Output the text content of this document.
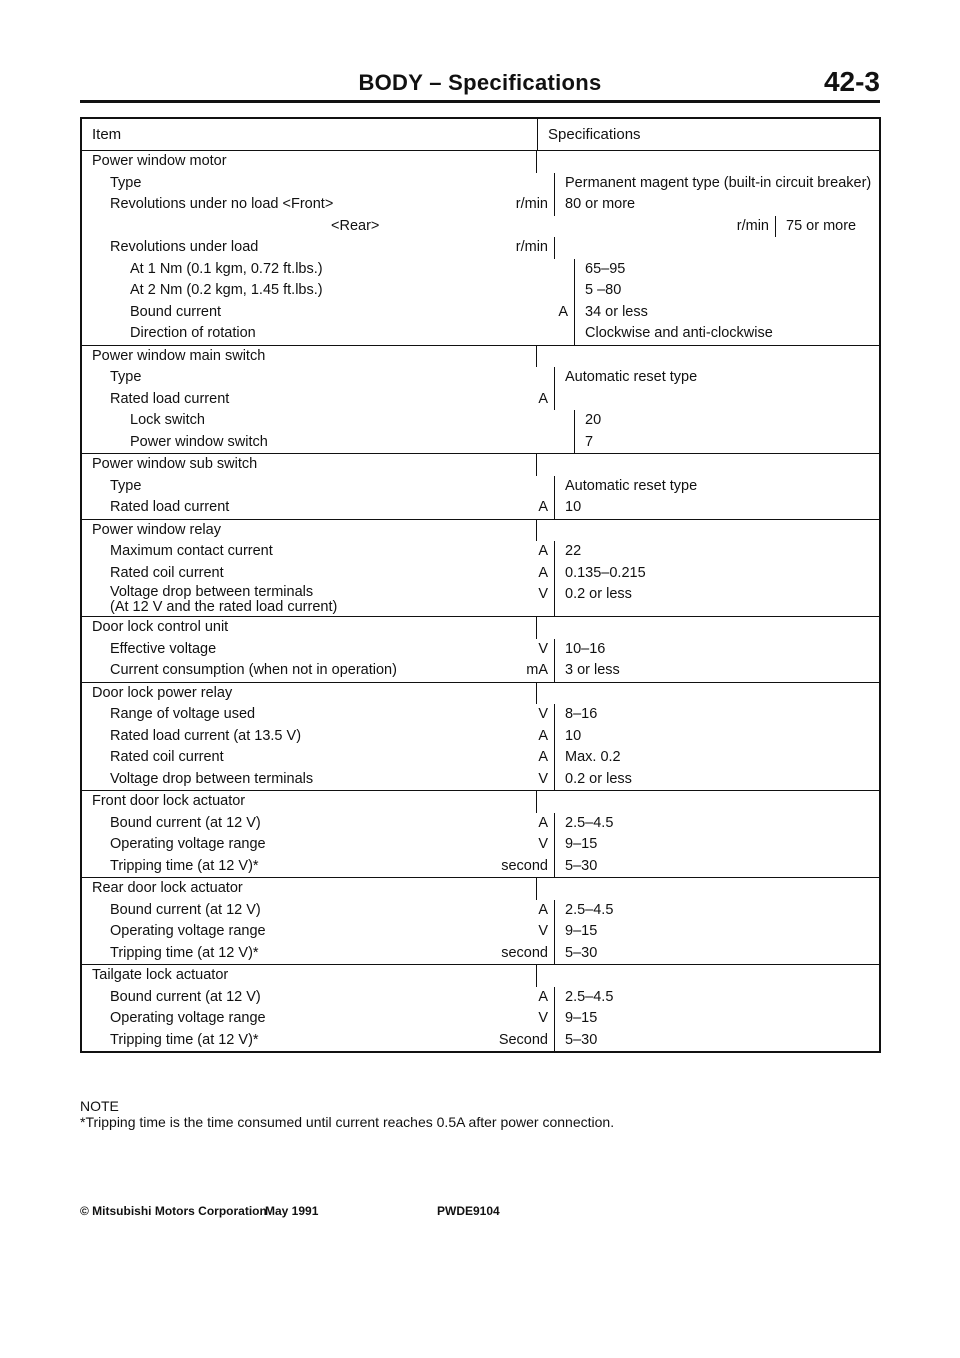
BODY – Specifications	42-3
Item	Specifications
Power window motor
Type	Permanent magent type (built-in circuit breaker)
Revolutions under no load <Front>	r/min	80 or more
<Rear>	r/min	75 or more
Revolutions under load	r/min
At 1 Nm (0.1 kgm, 0.72 ft.lbs.)	65–95
At 2 Nm (0.2 kgm, 1.45 ft.lbs.)	5 –80
Bound current	A	34 or less
Direction of rotation	Clockwise and anti-clockwise
Power window main switch
Type	Automatic reset type
Rated load current	A
Lock switch	20
Power window switch	7
Power window sub switch
Type	Automatic reset type
Rated load current	A	10
Power window relay
Maximum contact current	A	22
Rated coil current	A	0.135–0.215
Voltage drop between terminals
(At 12 V and the rated load current)
V	0.2 or less
Door lock control unit
Effective voltage	V	10–16
Current consumption (when not in operation)	mA	3 or less
Door lock power relay
Range of voltage used	V	8–16
Rated load current (at 13.5 V)	A	10
Rated coil current	A	Max. 0.2
Voltage drop between terminals	V	0.2 or less
Front door lock actuator
Bound current (at 12 V)	A	2.5–4.5
Operating voltage range	V	9–15
Tripping time (at 12 V)*	second	5–30
Rear door lock actuator
Bound current (at 12 V)	A	2.5–4.5
Operating voltage range	V	9–15
Tripping time (at 12 V)*	second	5–30
Tailgate lock actuator
Bound current (at 12 V)	A	2.5–4.5
Operating voltage range	V	9–15
Tripping time (at 12 V)*	Second	5–30
NOTE
*Tripping time is the time consumed until current reaches 0.5A after power connection.
© Mitsubishi Motors Corporation
May 1991	PWDE9104
